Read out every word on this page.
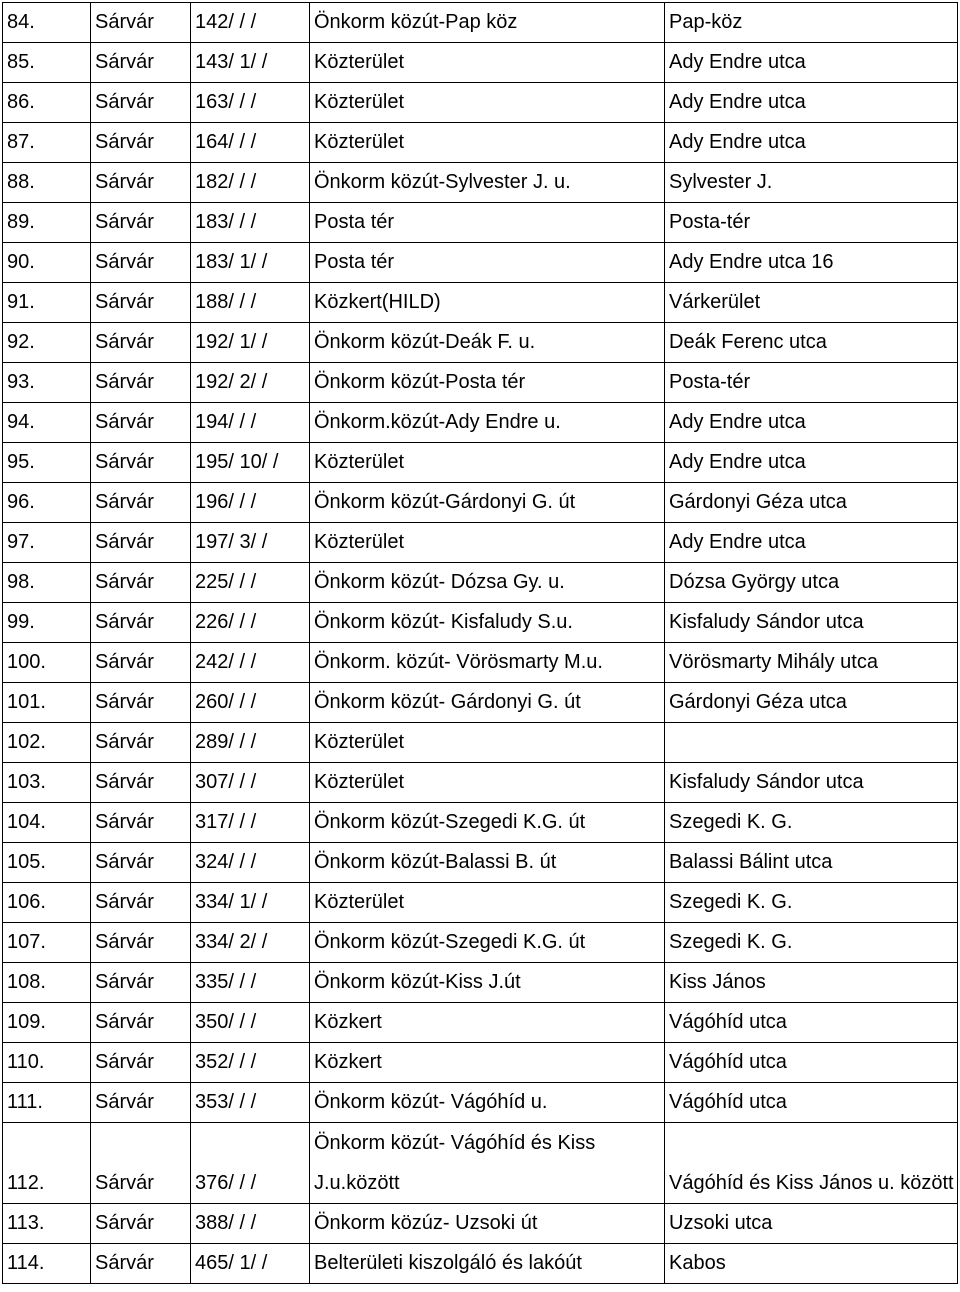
84.	Sárvár	142/ / /	Önkorm közút-Pap köz	Pap-köz
85.	Sárvár	143/ 1/ /	Közterület	Ady Endre utca
86.	Sárvár	163/ / /	Közterület	Ady Endre utca
87.	Sárvár	164/ / /	Közterület	Ady Endre utca
88.	Sárvár	182/ / /	Önkorm közút-Sylvester J. u.	Sylvester J.
89.	Sárvár	183/ / /	Posta tér	Posta-tér
90.	Sárvár	183/ 1/ /	Posta tér	Ady Endre utca 16
91.	Sárvár	188/ / /	Közkert(HILD)	Várkerület
92.	Sárvár	192/ 1/ /	Önkorm közút-Deák F. u.	Deák Ferenc utca
93.	Sárvár	192/ 2/ /	Önkorm közút-Posta tér	Posta-tér
94.	Sárvár	194/ / /	Önkorm.közút-Ady Endre u.	Ady Endre utca
95.	Sárvár	195/ 10/ /	Közterület	Ady Endre utca
96.	Sárvár	196/ / /	Önkorm közút-Gárdonyi G. út	Gárdonyi Géza utca
97.	Sárvár	197/ 3/ /	Közterület	Ady Endre utca
98.	Sárvár	225/ / /	Önkorm közút- Dózsa Gy. u.	Dózsa György utca
99.	Sárvár	226/ / /	Önkorm közút- Kisfaludy S.u.	Kisfaludy Sándor utca
100.	Sárvár	242/ / /	Önkorm. közút- Vörösmarty M.u.	Vörösmarty Mihály utca
101.	Sárvár	260/ / /	Önkorm közút- Gárdonyi G. út	Gárdonyi Géza utca
102.	Sárvár	289/ / /	Közterület	
103.	Sárvár	307/ / /	Közterület	Kisfaludy Sándor utca
104.	Sárvár	317/ / /	Önkorm közút-Szegedi K.G. út	Szegedi K. G.
105.	Sárvár	324/ / /	Önkorm közút-Balassi B. út	Balassi Bálint utca
106.	Sárvár	334/ 1/ /	Közterület	Szegedi K. G.
107.	Sárvár	334/ 2/ /	Önkorm közút-Szegedi K.G. út	Szegedi K. G.
108.	Sárvár	335/ / /	Önkorm közút-Kiss J.út	Kiss János
109.	Sárvár	350/ / /	Közkert	Vágóhíd utca
110.	Sárvár	352/ / /	Közkert	Vágóhíd utca
111.	Sárvár	353/ / /	Önkorm közút- Vágóhíd u.	Vágóhíd utca
112.	Sárvár	376/ / /	Önkorm közút- Vágóhíd és Kiss J.u.között	Vágóhíd és Kiss János u. között
113.	Sárvár	388/ / /	Önkorm közúz- Uzsoki út	Uzsoki utca
114.	Sárvár	465/ 1/ /	Belterületi kiszolgáló és lakóút	Kabos
